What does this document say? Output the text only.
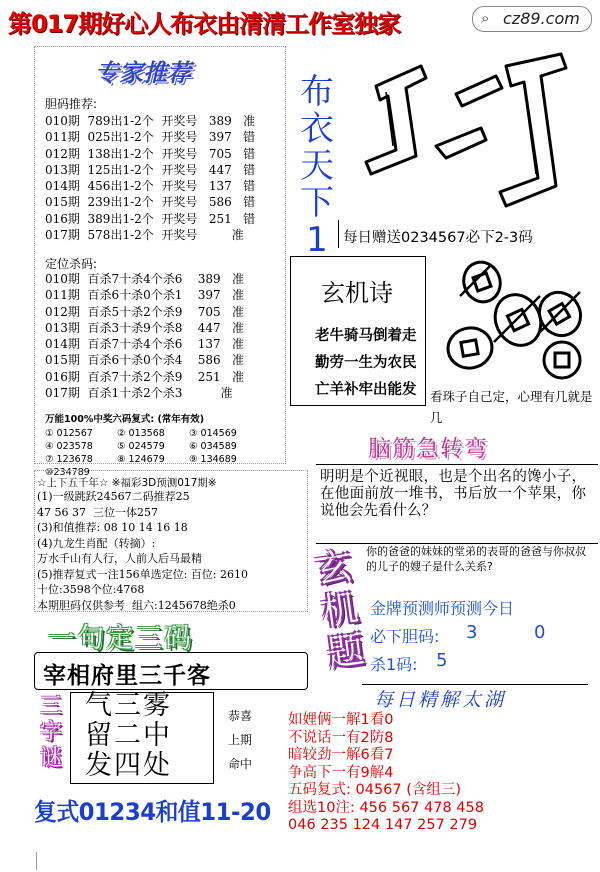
第017期好心人布衣由清清工作室独家	⌕ cz89.com
专家推荐
胆码推荐:
010期  789出1-2个  开奖号   389   准
011期  025出1-2个  开奖号   397   错
012期  138出1-2个  开奖号   705   错
013期  125出1-2个  开奖号   447   错
014期  456出1-2个  开奖号   137   错
015期  239出1-2个  开奖号   586   错
016期  389出1-2个  开奖号   251   错
017期  578出1-2个  开奖号         准
定位杀码:
010期  百杀7十杀4个杀6    389   准
011期  百杀6十杀0个杀1    397   准
012期  百杀5十杀2个杀9    705   准
013期  百杀3十杀9个杀8    447   准
014期  百杀7十杀4个杀6    137   准
015期  百杀6十杀0个杀4    586   准
016期  百杀7十杀2个杀9    251   准
017期  百杀1十杀2个杀3          准
万能100%中奖六码复式: (常年有效)
① 012567	② 013568	③ 014569
④ 023578	⑤ 024579	⑥ 034589
⑦ 123678	⑧ 124679	⑨ 134689
⑩234789
布
衣
天
下
1	每日赠送0234567必下2-3码
玄机诗
老牛骑马倒着走
勤劳一生为农民
亡羊补牢出能发 看珠子自己定，心理有几就是几
脑筋急转弯
明明是个近视眼，也是个出名的馋小子，在他面前放一堆书，书后放一个苹果，你说他会先看什么？
☆上下五千年☆ ※福彩3D预测017期※
(1)一级跳跃24567二码推荐25
47 56 37  三位一体257
(3)和值推荐: 08 10 14 16 18
(4)九龙生肖配（转摘）:
万水千山有人行，人前人后马最精
(5)推荐复式一注156单选定位: 百位: 2610
十位:3598个位:4768
本期胆码仅供参考  组六:1245678绝杀0
玄
机
题
你的爸爸的妹妹的堂弟的表哥的爸爸与你叔叔的儿子的嫂子是什么关系?
金牌预测师预测今日
必下胆码: 3	0
杀1码: 5
一句定三码
宰相府里三千客
三
字
谜
气三雾
留二中
发四处
恭喜
上期
命中
复式01234和值11-20
每日精解太湖
如娌俩一解1看0
不说话一有2防8
暗较劲一解6看7
争高下一有9解4
五码复式: 04567 (含组三)
组选10注: 456 567 478 458
046 235 124 147 257 279
